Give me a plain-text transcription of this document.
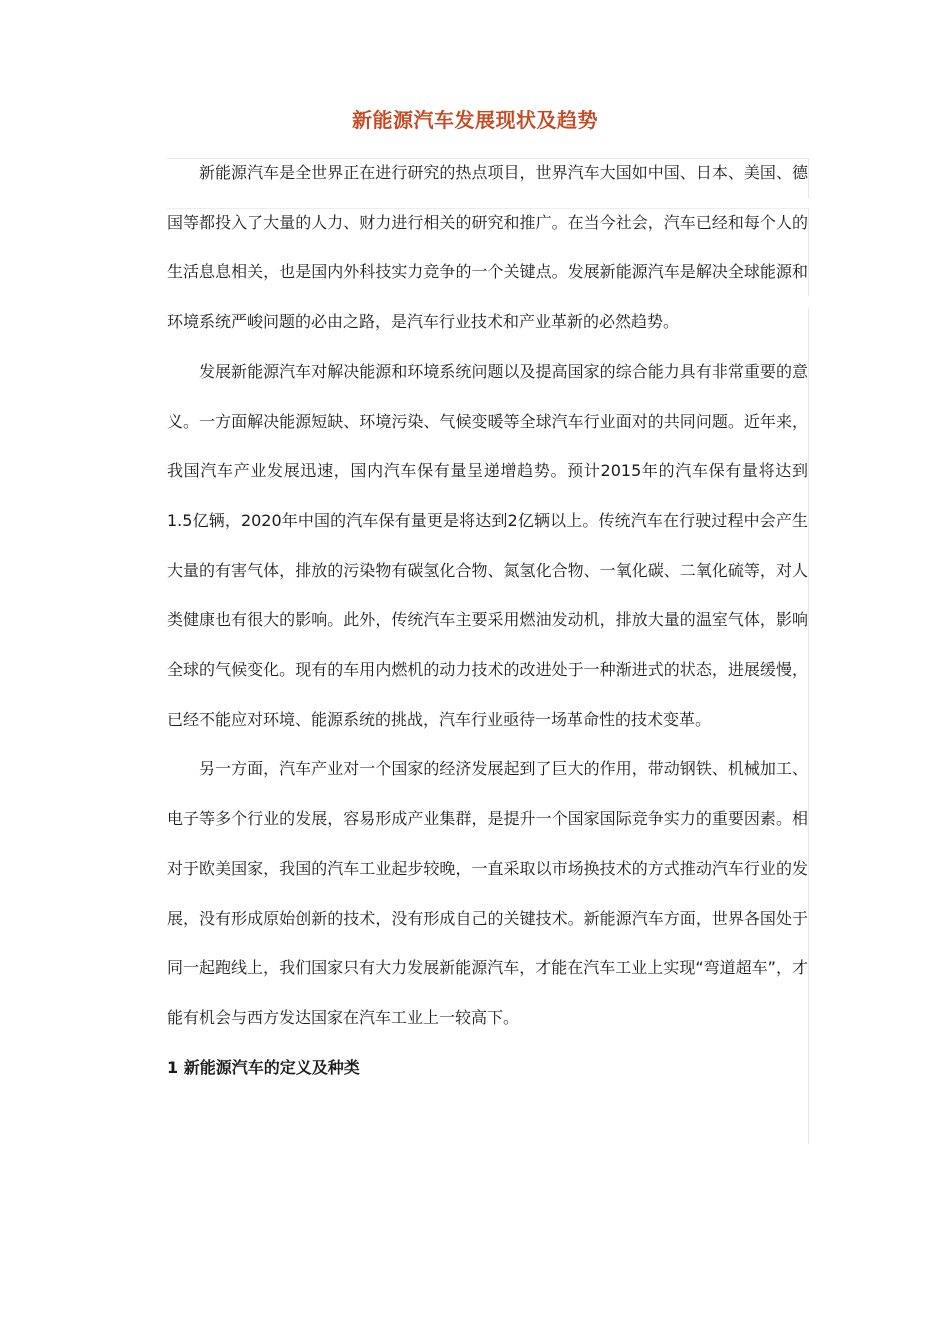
新能源汽车发展现状及趋势

新能源汽车是全世界正在进行研究的热点项目，世界汽车大国如中国、日本、美国、德国等都投入了大量的人力、财力进行相关的研究和推广。在当今社会，汽车已经和每个人的生活息息相关，也是国内外科技实力竞争的一个关键点。发展新能源汽车是解决全球能源和环境系统严峻问题的必由之路，是汽车行业技术和产业革新的必然趋势。

发展新能源汽车对解决能源和环境系统问题以及提高国家的综合能力具有非常重要的意义。一方面解决能源短缺、环境污染、气候变暖等全球汽车行业面对的共同问题。近年来，我国汽车产业发展迅速，国内汽车保有量呈递增趋势。预计2015年的汽车保有量将达到1.5亿辆，2020年中国的汽车保有量更是将达到2亿辆以上。传统汽车在行驶过程中会产生大量的有害气体，排放的污染物有碳氢化合物、氮氢化合物、一氧化碳、二氧化硫等，对人类健康也有很大的影响。此外，传统汽车主要采用燃油发动机，排放大量的温室气体，影响全球的气候变化。现有的车用内燃机的动力技术的改进处于一种渐进式的状态，进展缓慢，已经不能应对环境、能源系统的挑战，汽车行业亟待一场革命性的技术变革。

另一方面，汽车产业对一个国家的经济发展起到了巨大的作用，带动钢铁、机械加工、电子等多个行业的发展，容易形成产业集群，是提升一个国家国际竞争实力的重要因素。相对于欧美国家，我国的汽车工业起步较晚，一直采取以市场换技术的方式推动汽车行业的发展，没有形成原始创新的技术，没有形成自己的关键技术。新能源汽车方面，世界各国处于同一起跑线上，我们国家只有大力发展新能源汽车，才能在汽车工业上实现“弯道超车”，才能有机会与西方发达国家在汽车工业上一较高下。

1 新能源汽车的定义及种类
